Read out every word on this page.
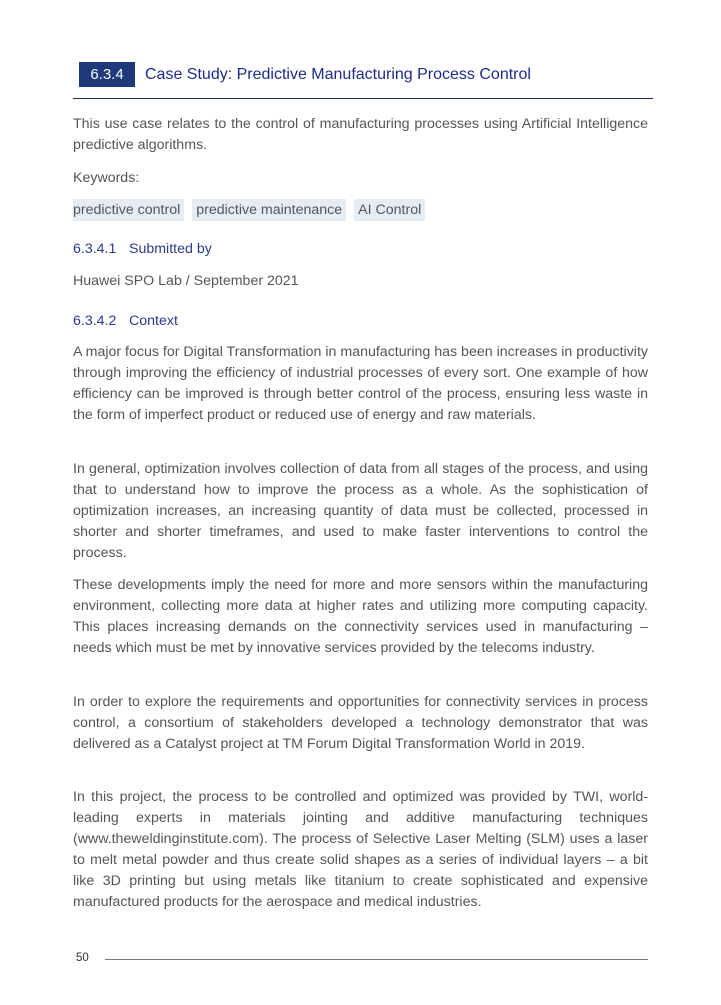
6.3.4	Case Study: Predictive Manufacturing Process Control

This use case relates to the control of manufacturing processes using Artificial Intelligence predictive algorithms.

Keywords:
predictive control predictive maintenance AI Control
6.3.4.1 Submitted by
Huawei SPO Lab / September 2021
6.3.4.2 Context

A major focus for Digital Transformation in manufacturing has been increases in productivity through improving the efficiency of industrial processes of every sort. One example of how efficiency can be improved is through better control of the process, ensuring less waste in the form of imperfect product or reduced use of energy and raw materials.

In general, optimization involves collection of data from all stages of the process, and using that to understand how to improve the process as a whole. As the sophistication of optimization increases, an increasing quantity of data must be collected, processed in shorter and shorter timeframes, and used to make faster interventions to control the process.

These developments imply the need for more and more sensors within the manufacturing environment, collecting more data at higher rates and utilizing more computing capacity. This places increasing demands on the connectivity services used in manufacturing – needs which must be met by innovative services provided by the telecoms industry.

In order to explore the requirements and opportunities for connectivity services in process control, a consortium of stakeholders developed a technology demonstrator that was delivered as a Catalyst project at TM Forum Digital Transformation World in 2019.

In this project, the process to be controlled and optimized was provided by TWI, world-leading experts in materials jointing and additive manufacturing techniques (www.theweldinginstitute.com). The process of Selective Laser Melting (SLM) uses a laser to melt metal powder and thus create solid shapes as a series of individual layers – a bit like 3D printing but using metals like titanium to create sophisticated and expensive manufactured products for the aerospace and medical industries.

50
